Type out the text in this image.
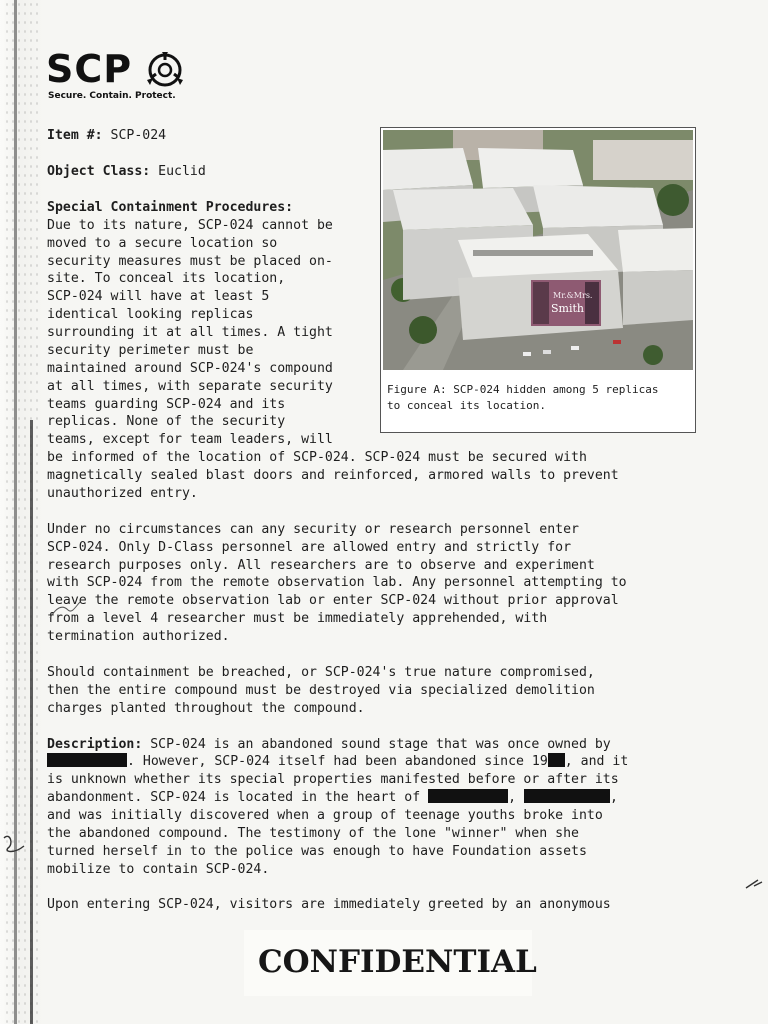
SCP
Secure. Contain. Protect.
Item #: SCP-024
Object Class: Euclid
Mr.&Mrs.
Smith
Figure A: SCP-024 hidden among 5 replicas
to conceal its location.
Special Containment Procedures:
Due to its nature, SCP-024 cannot be
moved to a secure location so
security measures must be placed on-
site. To conceal its location,
SCP-024 will have at least 5
identical looking replicas
surrounding it at all times. A tight
security perimeter must be
maintained around SCP-024's compound
at all times, with separate security
teams guarding SCP-024 and its
replicas. None of the security
teams, except for team leaders, will
be informed of the location of SCP-024. SCP-024 must be secured with
magnetically sealed blast doors and reinforced, armored walls to prevent
unauthorized entry.
Under no circumstances can any security or research personnel enter
SCP-024. Only D-Class personnel are allowed entry and strictly for
research purposes only. All researchers are to observe and experiment
with SCP-024 from the remote observation lab. Any personnel attempting to
leave the remote observation lab or enter SCP-024 without prior approval
from a level 4 researcher must be immediately apprehended, with
termination authorized.
Should containment be breached, or SCP-024's true nature compromised,
then the entire compound must be destroyed via specialized demolition
charges planted throughout the compound.
Description: SCP-024 is an abandoned sound stage that was once owned by
. However, SCP-024 itself had been abandoned since 19 , and it
is unknown whether its special properties manifested before or after its
abandonment. SCP-024 is located in the heart of	,	,
and was initially discovered when a group of teenage youths broke into
the abandoned compound. The testimony of the lone "winner" when she
turned herself in to the police was enough to have Foundation assets
mobilize to contain SCP-024.
Upon entering SCP-024, visitors are immediately greeted by an anonymous
CONFIDENTIAL
